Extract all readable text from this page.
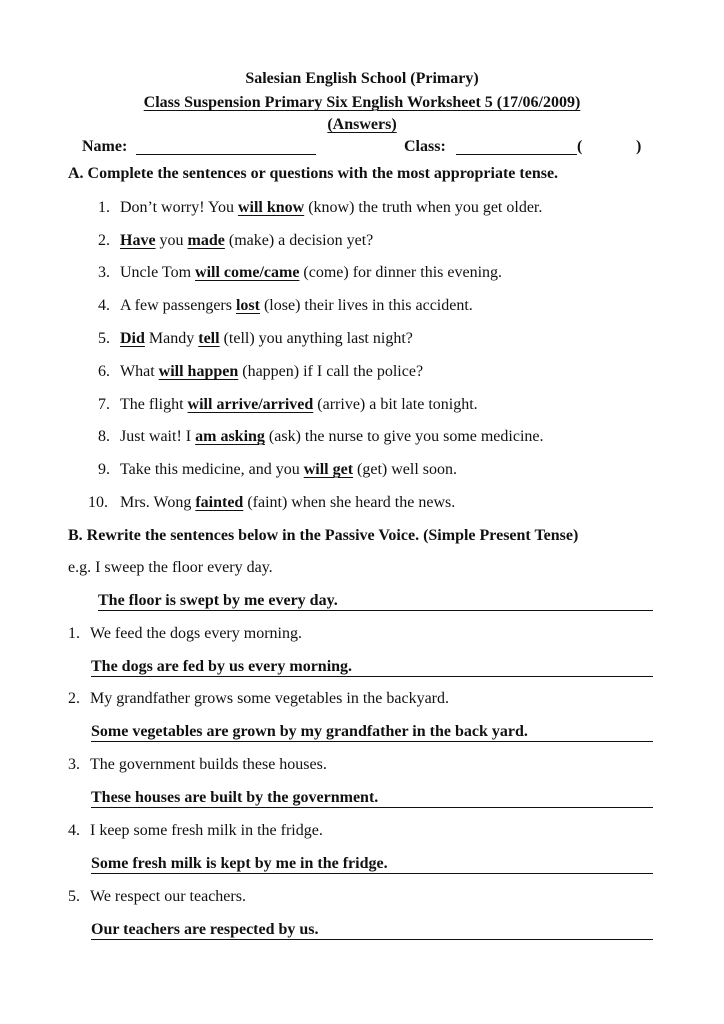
Salesian English School (Primary)
Class Suspension Primary Six English Worksheet 5 (17/06/2009)
(Answers)
Name:	Class:	(	)
A. Complete the sentences or questions with the most appropriate tense.
1. Don’t worry! You will know (know) the truth when you get older.
2. Have you made (make) a decision yet?
3. Uncle Tom will come/came (come) for dinner this evening.
4. A few passengers lost (lose) their lives in this accident.
5. Did Mandy tell (tell) you anything last night?
6. What will happen (happen) if I call the police?
7. The flight will arrive/arrived (arrive) a bit late tonight.
8. Just wait! I am asking (ask) the nurse to give you some medicine.
9. Take this medicine, and you will get (get) well soon.
10. Mrs. Wong fainted (faint) when she heard the news.
B. Rewrite the sentences below in the Passive Voice. (Simple Present Tense)
e.g. I sweep the floor every day.
The floor is swept by me every day.
1. We feed the dogs every morning.
The dogs are fed by us every morning.
2. My grandfather grows some vegetables in the backyard.
Some vegetables are grown by my grandfather in the back yard.
3. The government builds these houses.
These houses are built by the government.
4. I keep some fresh milk in the fridge.
Some fresh milk is kept by me in the fridge.
5. We respect our teachers.
Our teachers are respected by us.
